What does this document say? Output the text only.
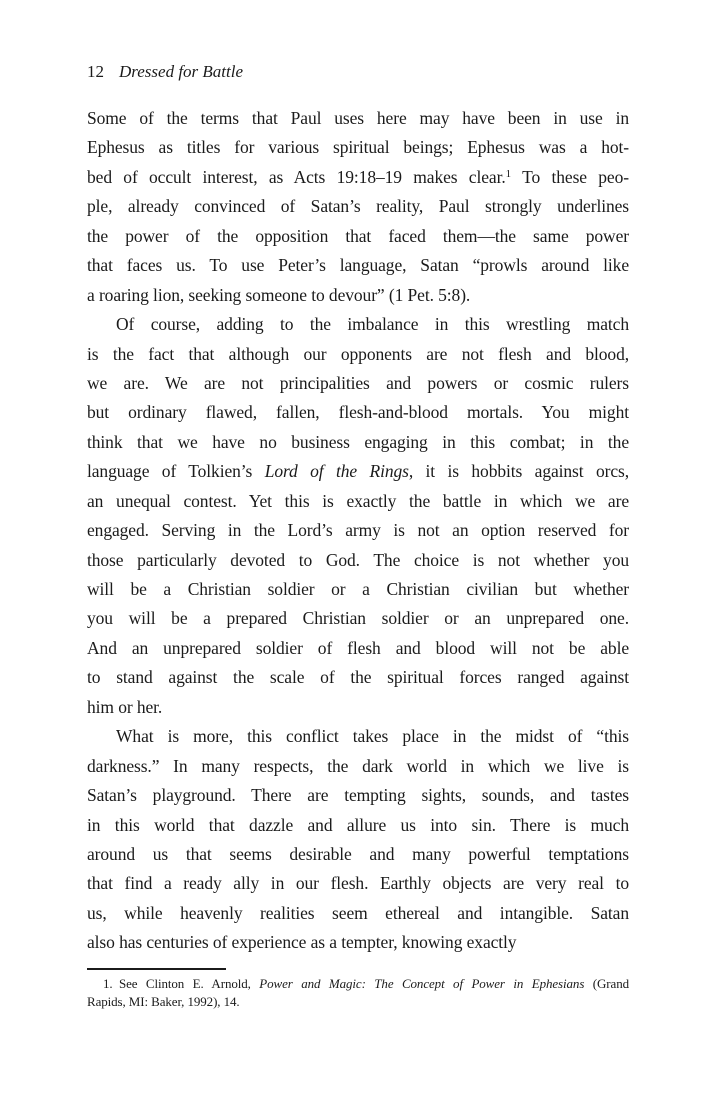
12 Dressed for Battle
Some of the terms that Paul uses here may have been in use in
Ephesus as titles for various spiritual beings; Ephesus was a hot-
bed of occult interest, as Acts 19:18–19 makes clear.$^1$ To these peo-
ple, already convinced of Satan’s reality, Paul strongly underlines
the power of the opposition that faced them—the same power
that faces us. To use Peter’s language, Satan “prowls around like
a roaring lion, seeking someone to devour” (1 Pet. 5:8).
Of course, adding to the imbalance in this wrestling match
is the fact that although our opponents are not flesh and blood,
we are. We are not principalities and powers or cosmic rulers
but ordinary flawed, fallen, flesh-and-blood mortals. You might
think that we have no business engaging in this combat; in the
language of Tolkien’s Lord of the Rings, it is hobbits against orcs,
an unequal contest. Yet this is exactly the battle in which we are
engaged. Serving in the Lord’s army is not an option reserved for
those particularly devoted to God. The choice is not whether you
will be a Christian soldier or a Christian civilian but whether
you will be a prepared Christian soldier or an unprepared one.
And an unprepared soldier of flesh and blood will not be able
to stand against the scale of the spiritual forces ranged against
him or her.
What is more, this conflict takes place in the midst of “this
darkness.” In many respects, the dark world in which we live is
Satan’s playground. There are tempting sights, sounds, and tastes
in this world that dazzle and allure us into sin. There is much
around us that seems desirable and many powerful temptations
that find a ready ally in our flesh. Earthly objects are very real to
us, while heavenly realities seem ethereal and intangible. Satan
also has centuries of experience as a tempter, knowing exactly
1. See Clinton E. Arnold, Power and Magic: The Concept of Power in Ephesians (Grand
Rapids, MI: Baker, 1992), 14.
